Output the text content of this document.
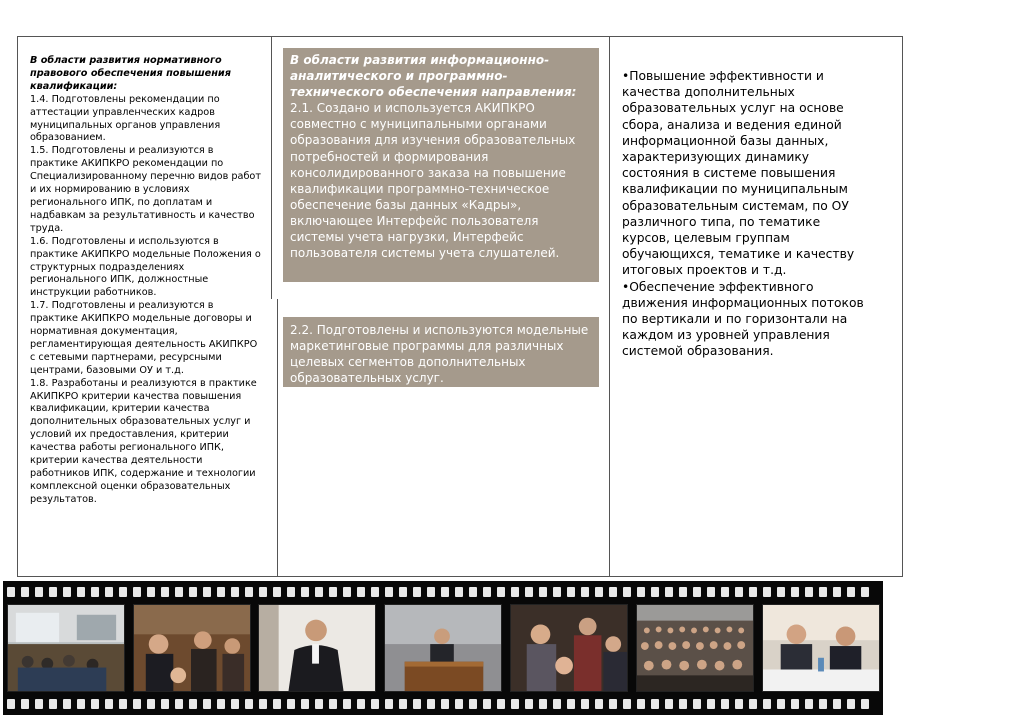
В области развития нормативного правового обеспечения повышения квалификации:
1.4. Подготовлены рекомендации по аттестации управленческих кадров муниципальных органов управления образованием.
1.5. Подготовлены и реализуются в практике АКИПКРО рекомендации по Специализированному перечню видов работ и их нормированию в условиях регионального ИПК, по доплатам и надбавкам за результативность и качество труда.
1.6. Подготовлены и используются в практике АКИПКРО модельные Положения о структурных подразделениях регионального ИПК, должностные инструкции работников.
1.7. Подготовлены и реализуются в практике АКИПКРО модельные договоры и нормативная документация, регламентирующая деятельность АКИПКРО с сетевыми партнерами, ресурсными центрами, базовыми ОУ и т.д.
1.8. Разработаны и реализуются в практике АКИПКРО критерии качества повышения квалификации, критерии качества дополнительных образовательных услуг и условий их предоставления, критерии качества работы регионального ИПК, критерии качества деятельности работников ИПК, содержание и технологии комплексной оценки образовательных результатов.
В области развития информационно-аналитического и программно-технического обеспечения направления:
2.1. Создано и используется АКИПКРО совместно с муниципальными органами образования для изучения образовательных потребностей и формирования консолидированного заказа на повышение квалификации программно-техническое обеспечение базы данных «Кадры», включающее Интерфейс пользователя системы учета нагрузки, Интерфейс пользователя системы учета слушателей.
2.2. Подготовлены и используются модельные маркетинговые программы для различных целевых сегментов дополнительных образовательных услуг.
•Повышение эффективности и качества дополнительных образовательных услуг на основе сбора, анализа и ведения единой информационной базы данных, характеризующих динамику состояния в системе повышения квалификации по муниципальным образовательным системам, по ОУ различного типа, по тематике курсов, целевым группам обучающихся, тематике и качеству итоговых проектов и т.д.
•Обеспечение эффективного движения информационных потоков по вертикали и по горизонтали на каждом из уровней управления системой образования.
